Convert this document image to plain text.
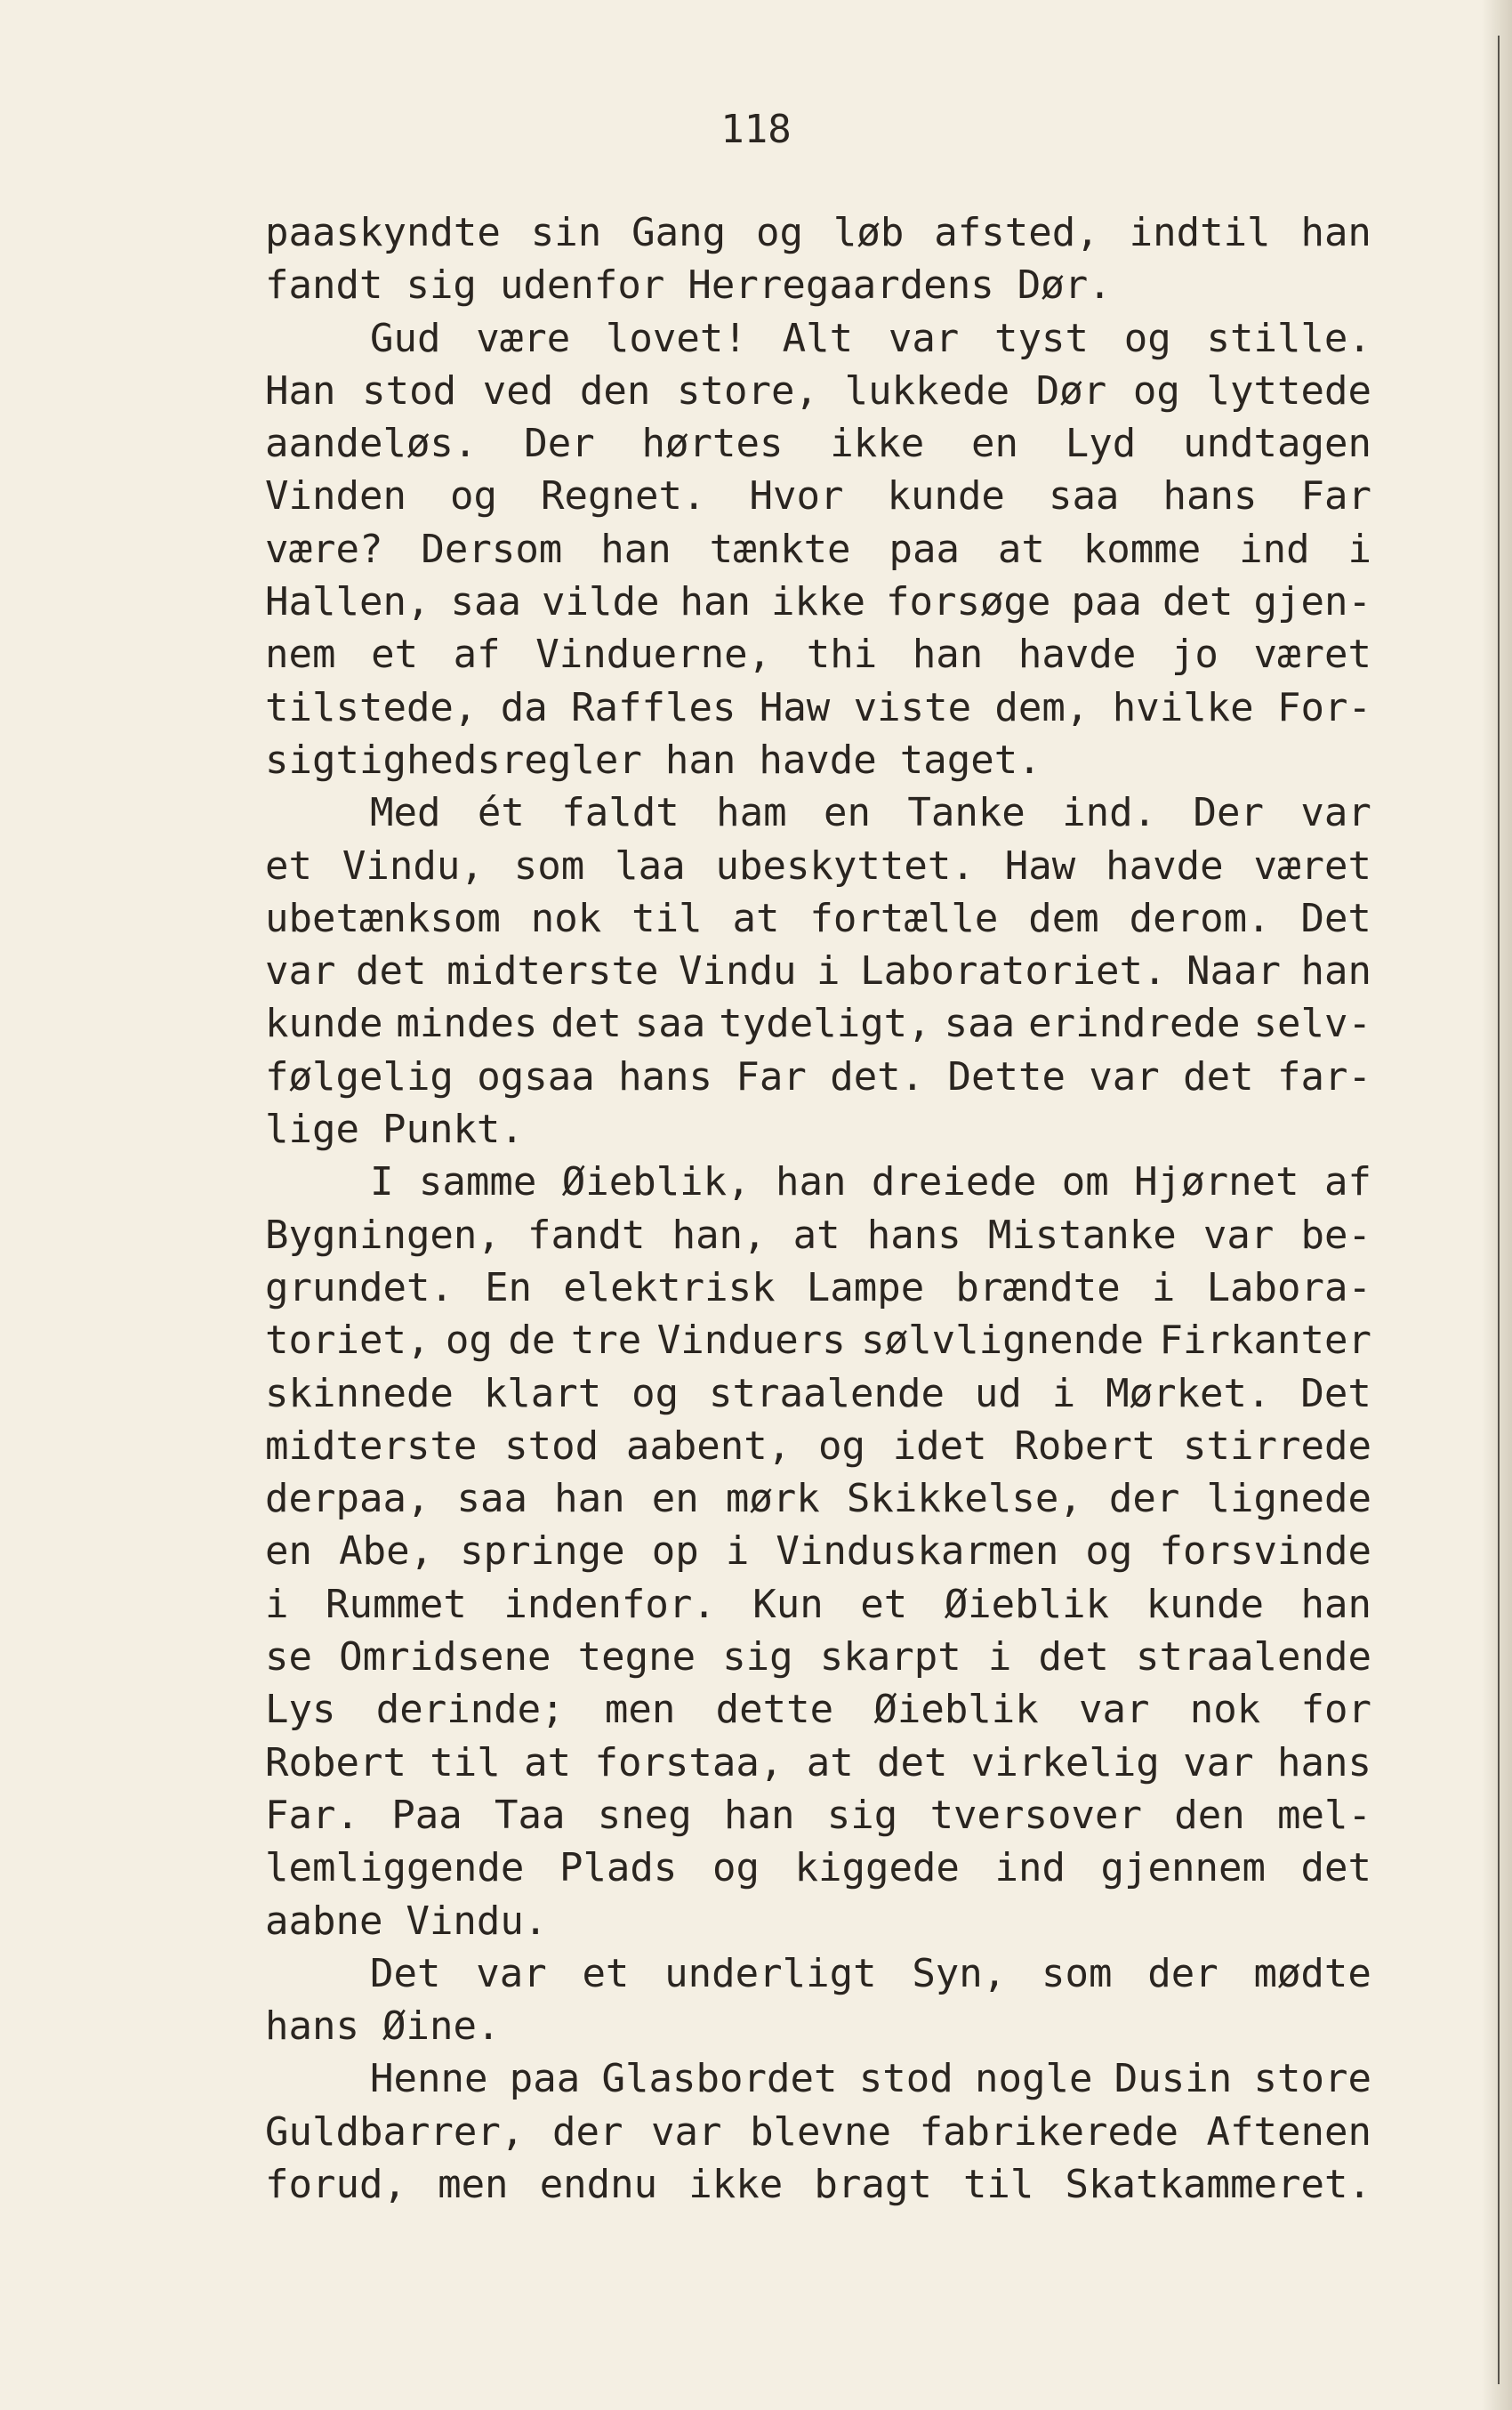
118

paaskyndte sin Gang og løb afsted, indtil han
fandt sig udenfor Herregaardens Dør.
Gud være lovet! Alt var tyst og stille.
Han stod ved den store, lukkede Dør og lyttede
aandeløs. Der hørtes ikke en Lyd undtagen
Vinden og Regnet. Hvor kunde saa hans Far
være? Dersom han tænkte paa at komme ind i
Hallen, saa vilde han ikke forsøge paa det gjen-
nem et af Vinduerne, thi han havde jo været
tilstede, da Raffles Haw viste dem, hvilke For-
sigtighedsregler han havde taget.
Med ét faldt ham en Tanke ind. Der var
et Vindu, som laa ubeskyttet. Haw havde været
ubetænksom nok til at fortælle dem derom. Det
var det midterste Vindu i Laboratoriet. Naar han
kunde mindes det saa tydeligt, saa erindrede selv-
følgelig ogsaa hans Far det. Dette var det far-
lige Punkt.
I samme Øieblik, han dreiede om Hjørnet af
Bygningen, fandt han, at hans Mistanke var be-
grundet. En elektrisk Lampe brændte i Labora-
toriet, og de tre Vinduers sølvlignende Firkanter
skinnede klart og straalende ud i Mørket. Det
midterste stod aabent, og idet Robert stirrede
derpaa, saa han en mørk Skikkelse, der lignede
en Abe, springe op i Vinduskarmen og forsvinde
i Rummet indenfor. Kun et Øieblik kunde han
se Omridsene tegne sig skarpt i det straalende
Lys derinde; men dette Øieblik var nok for
Robert til at forstaa, at det virkelig var hans
Far. Paa Taa sneg han sig tversover den mel-
lemliggende Plads og kiggede ind gjennem det
aabne Vindu.
Det var et underligt Syn, som der mødte
hans Øine.
Henne paa Glasbordet stod nogle Dusin store
Guldbarrer, der var blevne fabrikerede Aftenen
forud, men endnu ikke bragt til Skatkammeret.
